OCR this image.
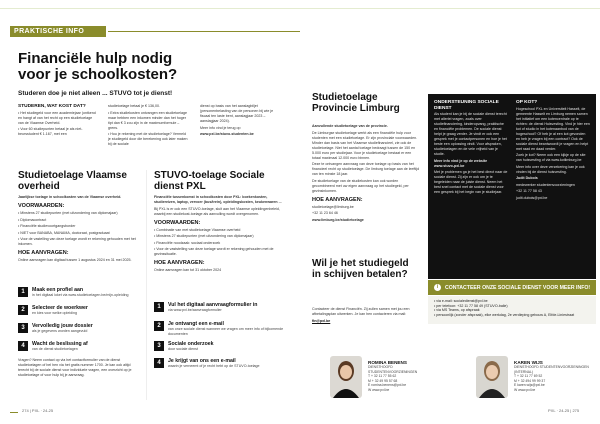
PRAKTISCHE INFO
Financiële hulp nodig voor je schoolkosten?
Studeren doe je niet alleen ... STUVO tot je dienst!
STUDEREN, WAT KOST DAT?

• Het studiegeld voor een academiejaar (ontkend en hangt af van het recht op een studietoelage van de Vlaamse Overheid.

• Voor 60 studiepunten betaal je als niet-beursstudent € 1.167, met een

studietoelage betaal je € 136,00.

• Extra studiekosten ontvangen een studietoelage maar hebben een inkomen minder dan het hoger tipt dan € 3 zou zijn in de maximumformule – grens.

• Hou je rekening met de studietoelage? Vermeld je studiegeld door die berekening ook later maken bij de sociale

dienst op basis van het aanslagbiljet (personenbelasting van de personen bij wie je fiscaal ten laste bent, aanslagjaar 2023 – aanslagjaar 2024).

Meer info vind je terug op

www.pxl.be/stuvo-studenten.be

Studietoelage Vlaamse overheid

Jaarlijkse toelage in schoolkosten van de Vlaamse overheid.

VOORWAARDEN:

• Minstens 27 studiepunten (met uitzondering van diplomajaar)

• Diplomacontract

• Financiële studievoortgangsborder

• NIET voor BANABA, MANAMA, doctoraat, postgraduaat

• Voor de vastelling van deze toelage wordt er rekening gehouden met het inkomen.

HOE AANVRAGEN:

Online aanvragen kan digitaal tussen 1 augustus 2024 en 31 mei 2025.

1	Maak een profiel aan
in het digitaal loket via www.studietoelagen.be/mijn-opleiding
2	Selecteer de woerkwer
en kies voor welke opleiding
3	Vervolledig jouw dossier
als je gegevens worden aangevuld
4	Wacht de beslissing af
van de dienst studietoelagen
Vragen? Neem contact op via het contactformulier van de dienst studietoelagen of bel hen via het gratis nummer 1700. Je kan ook altijd terecht bij de sociale dienst voor individuele vragen, een overzicht op je studietoelage of voor hulp bij je aanvraag.
STUVO-toelage Sociale dienst PXL

Financiële tussenkomst in schoolkosten door PXL: boekenkosten, studiereizen, laptop, vervoer (bus/trein), opleidingskosten, keukenwaren ...

Bij PXL is er ook een STUVO-toelage, sluit aan het Vlaamse opleidingenbeleid, waarbij een studiekost-toelage als aanvulling wordt overgenomen.

VOORWAARDEN:

• Combinatie van met studietoelage Vlaamse overheid

• Minstens 27 studiepunten (met uitzondering van diplomajaar)

• Financiële noodzaak: sociaal onderzoek

• Voor de vaststelling van deze toelage wordt er rekening gehouden met de gezinssituatie.

HOE AANVRAGEN:

Online aanvragen kan tot 31 oktober 2024

1	Vul het digitaal aanvraagformulier in
via www.pxl.be/aanvraagformulier
2	Je ontvangt een e-mail
van onze sociale dienst wanneer we vragen om meer info of bijkomende documenten
3	Sociale onderzoek
door sociale dienst
4	Je krijgt van ons een e-mail
waarin je verneemt of je recht hebt op de STUVO-toelage
Studietoelage Provincie Limburg

Aanvullende studietoelage van de provincie.

De Limburgse studietoelage werkt als een financiële hulp voor studenten met een studietoelage. Er zijn provinciale voorwaarden. Minder dan basis van het Vlaamse studiefinancieel, zie ook de studietoelage. Niet het aantal toelage bedraagt tussen de 150 en 5.000 euro per studiejaar. Voor je studietoelage bestaat er een totaal maximaal 12.000 euro binnen.

Deze te ontvangen aanvraag van deze toelage op basis van het financieel recht op studietoelage. De limburg toelage aan de leeftijd van ten minste 18 jaar.

De studietoelage van de studiekosten kan ook worden gecombineerd met uw eigen aanvraag op het studiegeld, per gezinsinkomen.

HOE AANVRAGEN:

studietoelage@limburg.be

+32 11 23 64 46

www.limburg.be/studietoelage

Wil je het studiegeld in schijven betalen?

Contacteer de dienst Financiën. Zij zullen samen met jou een afbetalingsplan uitwerken. Je kan hen contacteren via mail:

fin@pxl.be

ONDERSTEUNING SOCIALE DIENST

Als student kan je bij de sociale dienst terecht met allerlei vragen, zoals over studiefinanciering, kinderopvang, praktische en financiële problemen. De sociale dienst helpt je graag verder. Je vindt er ook een gesprek met je contactpersonen en hoe je het beste een oplossing vindt. Voor afspraken, studietoelagen en de vele vrijheid van je studie.

Meer info vind je op de website www.stuvo-pxl.be

Met je problemen ga je het best direct naar de sociale dienst. Zij zijn er ook om je te begeleiden naar de juiste dienst. Neem het best snel contact met de sociale dienst voor een gesprek bij het begin van je studiejaar.

OP KOT?

Hogeschool PXL en Universiteit Hasselt, de gemeente Hasselt en Limburg nemen samen het initiatief om een kotencentrale op te richten: de dienst Huisvesting. Vind je hier een kot of studio in het kotenaanbod van de hogeschool? Of heb je al een kot gevonden en heb je vragen bij een contract? Ook de sociale dienst beantwoordt je vragen en helpt met raad en daad verder.

Zoek je kot? Neem ook een kijkje op de site van huisvesting of via www.kotlimburg.be

Meer info over deze verzekering kan je ook vinden bij de dienst huisvesting.

Judit Dubois

medewerker studentenvoorzieningen

+32 11 77 58 43

judit.dubois@pxl.be

i	CONTACTEER ONZE SOCIALE DIENST VOOR MEER INFO!
• via e-mail: socialedienst@pxl.be
• per telefoon: +32 11 77 58 49 (STUVO-balie)
• via MS Teams, op afspraak
• persoonlijk (zonder afspraak), elke werkdag, 2e verdieping gebouw A, Elfde-Liniestraat
ROMINA BENENS
DIENSTHOOFD STUDENTENVOORZIENINGEN
T + 32 11 77 55 62
M + 32 49 95 57 68
E romina.benens@pxl.be
W www.pxl.be
KAREN WIJS
DIENSTHOOFD STUDENTENVOORZIENINGEN (INTERNAL)
T + 32 11 77 69 52
M + 32 494 99 99 37
E karen.wijs@pxl.be
W www.pxl.be
274 | PXL · 24-25	PXL · 24-25 | 275
